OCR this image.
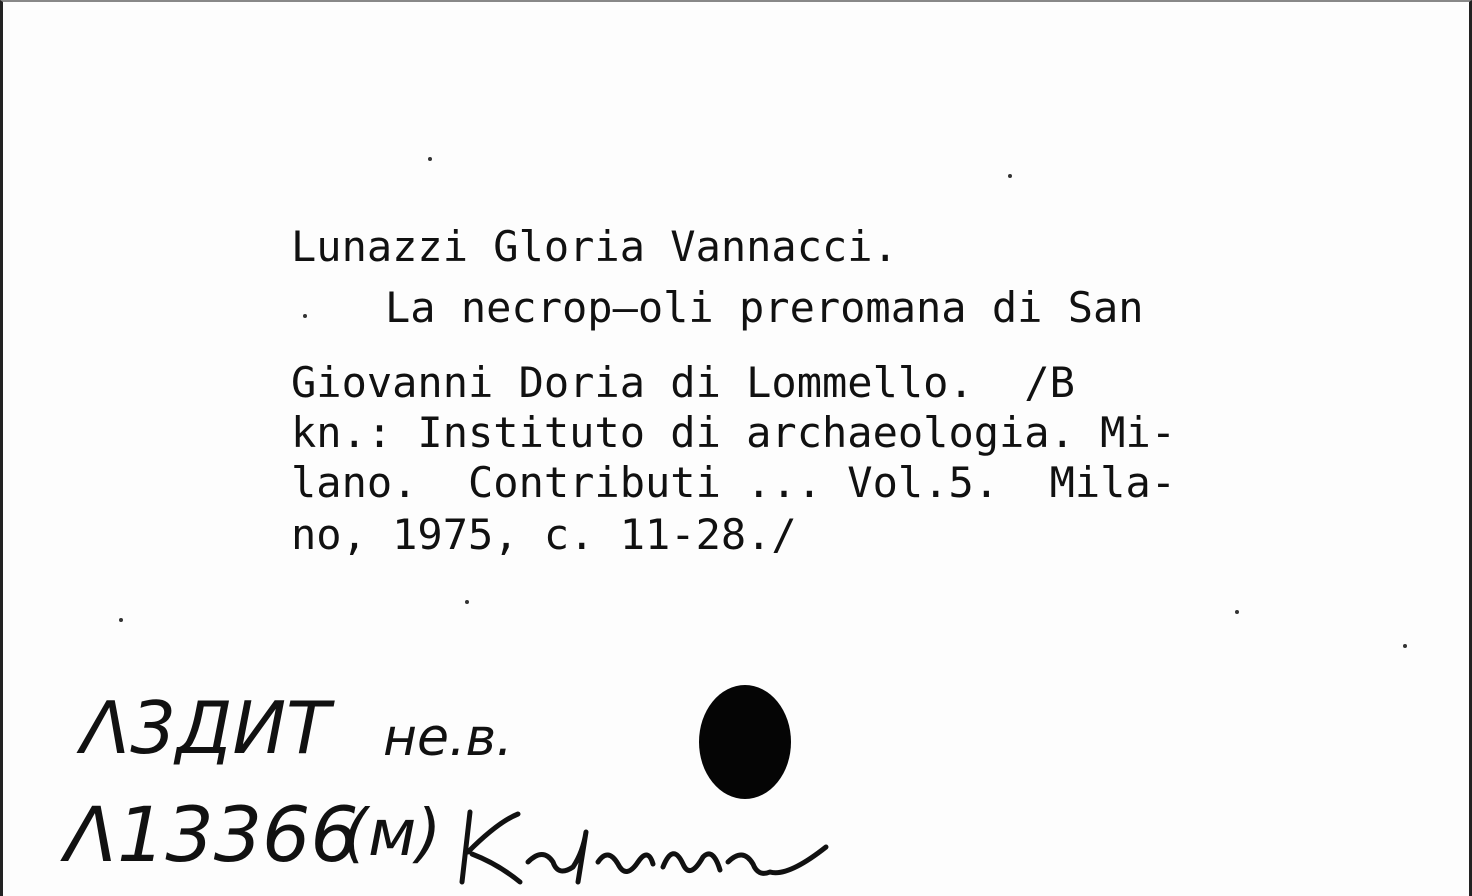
Lunazzi Gloria Vannacci.
La necrop–oli preromana di San
Giovanni Doria di Lommello.  /B
kn.: Instituto di archaeologia. Mi-
lano.  Contributi ... Vol.5.  Mila-
no, 1975, c. 11-28./
Λ3ДИТ не.в.
Λ13366
(м)
